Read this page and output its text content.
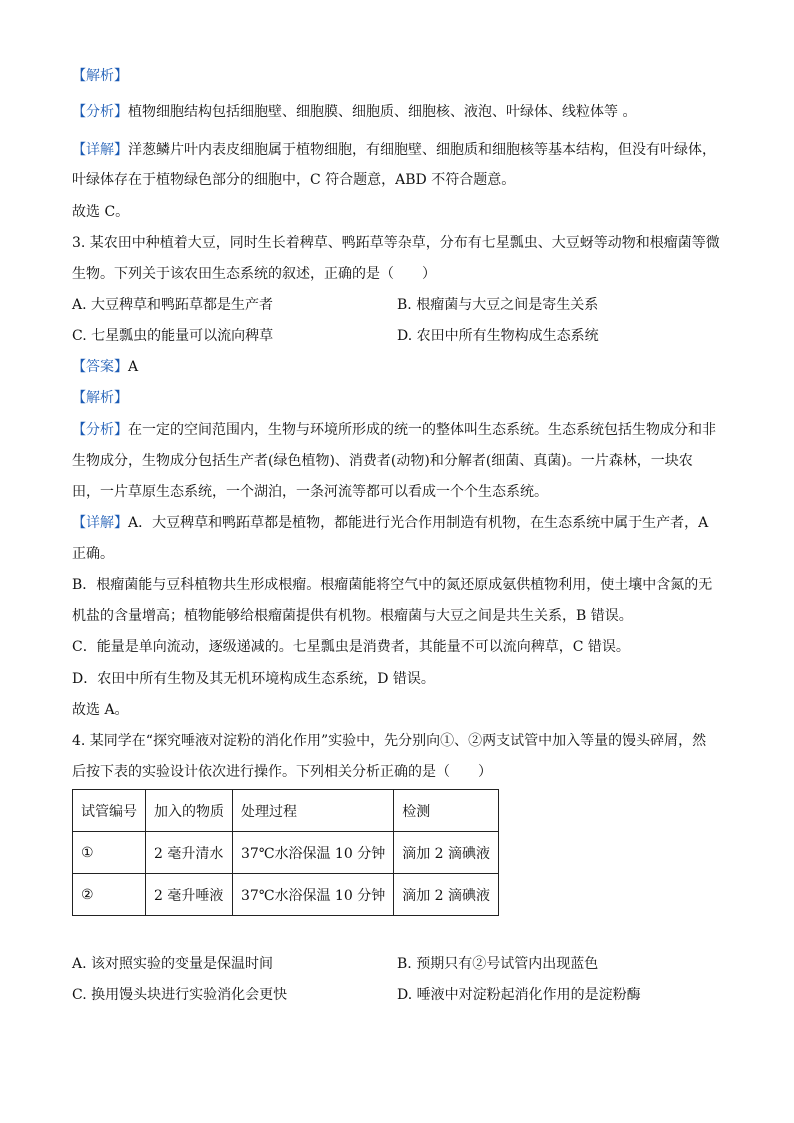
【解析】
【分析】植物细胞结构包括细胞壁、细胞膜、细胞质、细胞核、液泡、叶绿体、线粒体等 。
【详解】洋葱鳞片叶内表皮细胞属于植物细胞，有细胞壁、细胞质和细胞核等基本结构，但没有叶绿体，
叶绿体存在于植物绿色部分的细胞中，C 符合题意，ABD 不符合题意。
故选 C。
3. 某农田中种植着大豆，同时生长着稗草、鸭跖草等杂草，分布有七星瓢虫、大豆蚜等动物和根瘤菌等微
生物。下列关于该农田生态系统的叙述，正确的是（　　）
A. 大豆稗草和鸭跖草都是生产者	B. 根瘤菌与大豆之间是寄生关系
C. 七星瓢虫的能量可以流向稗草	D. 农田中所有生物构成生态系统
【答案】A
【解析】
【分析】在一定的空间范围内，生物与环境所形成的统一的整体叫生态系统。生态系统包括生物成分和非
生物成分，生物成分包括生产者(绿色植物)、消费者(动物)和分解者(细菌、真菌)。一片森林，一块农
田，一片草原生态系统，一个湖泊，一条河流等都可以看成一个个生态系统。
【详解】A．大豆稗草和鸭跖草都是植物，都能进行光合作用制造有机物，在生态系统中属于生产者，A
正确。
B．根瘤菌能与豆科植物共生形成根瘤。根瘤菌能将空气中的氮还原成氨供植物利用，使土壤中含氮的无
机盐的含量增高；植物能够给根瘤菌提供有机物。根瘤菌与大豆之间是共生关系，B 错误。
C．能量是单向流动，逐级递减的。七星瓢虫是消费者，其能量不可以流向稗草，C 错误。
D．农田中所有生物及其无机环境构成生态系统，D 错误。
故选 A。
4. 某同学在“探究唾液对淀粉的消化作用”实验中，先分别向①、②两支试管中加入等量的馒头碎屑，然
后按下表的实验设计依次进行操作。下列相关分析正确的是（　　）
试管编号	加入的物质	处理过程	检测
①	2 毫升清水	37℃水浴保温 10 分钟	滴加 2 滴碘液
②	2 毫升唾液	37℃水浴保温 10 分钟	滴加 2 滴碘液
A. 该对照实验的变量是保温时间	B. 预期只有②号试管内出现蓝色
C. 换用馒头块进行实验消化会更快	D. 唾液中对淀粉起消化作用的是淀粉酶
